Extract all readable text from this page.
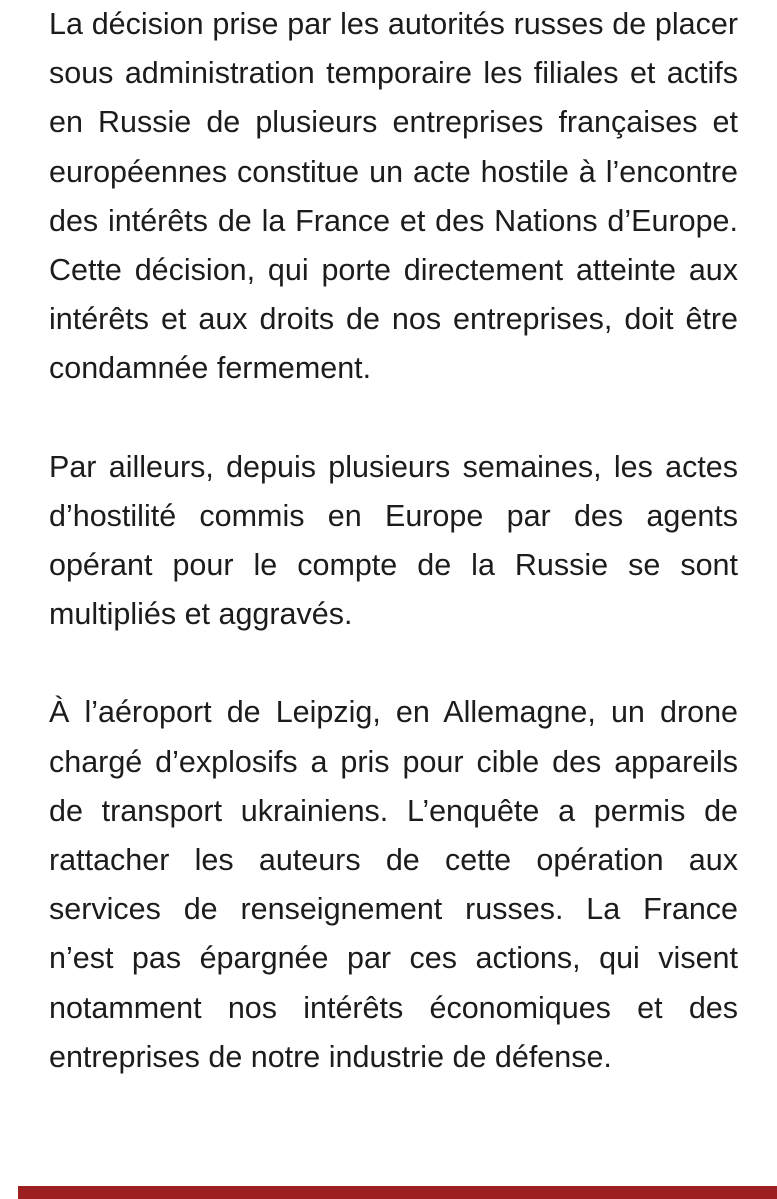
La décision prise par les autorités russes de placer sous administration temporaire les filiales et actifs en Russie de plusieurs entreprises françaises et européennes constitue un acte hostile à l’encontre des intérêts de la France et des Nations d’Europe. Cette décision, qui porte directement atteinte aux intérêts et aux droits de nos entreprises, doit être condamnée fermement.

Par ailleurs, depuis plusieurs semaines, les actes d’hostilité commis en Europe par des agents opérant pour le compte de la Russie se sont multipliés et aggravés.

À l’aéroport de Leipzig, en Allemagne, un drone chargé d’explosifs a pris pour cible des appareils de transport ukrainiens. L’enquête a permis de rattacher les auteurs de cette opération aux services de renseignement russes. La France n’est pas épargnée par ces actions, qui visent notamment nos intérêts économiques et des entreprises de notre industrie de défense.
